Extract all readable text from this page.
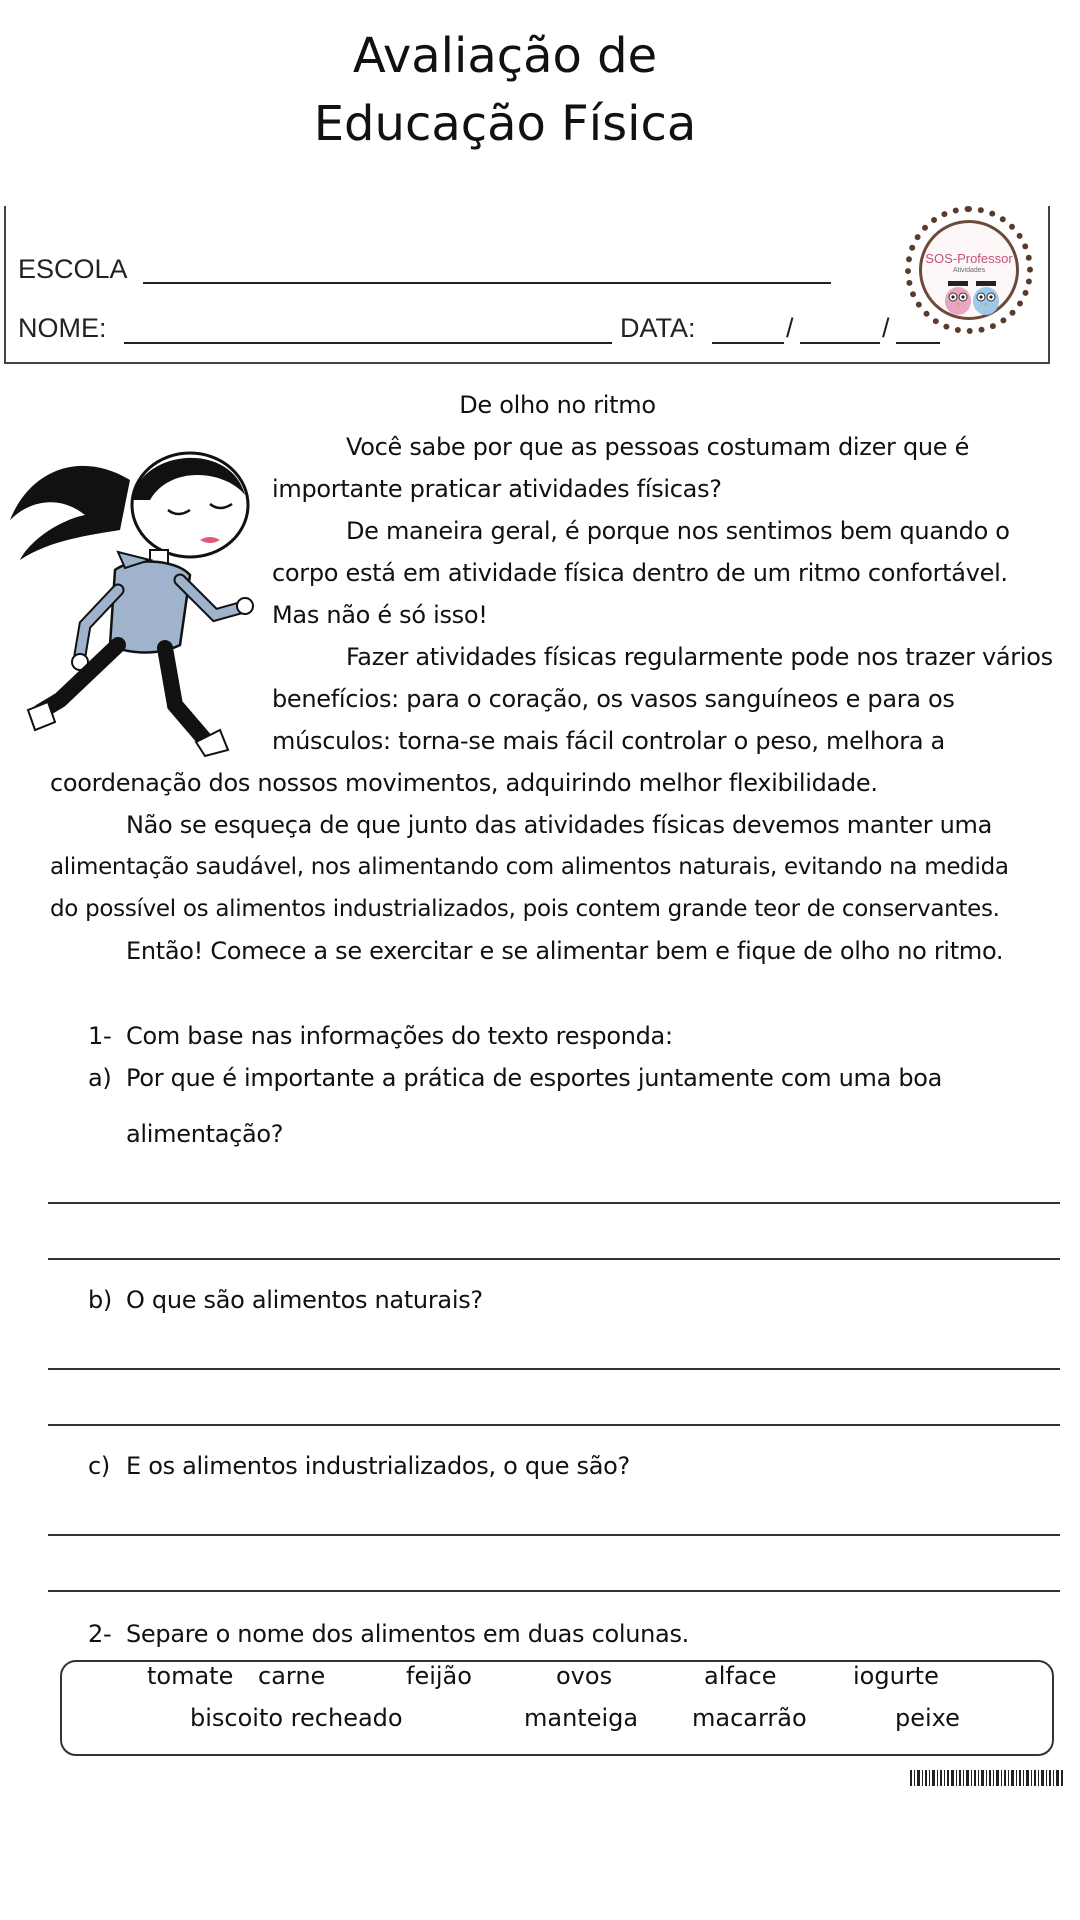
Avaliação de
Educação Física
ESCOLA
NOME:	DATA:	/	/
SOS-Professor
Atividades
De olho no ritmo
Você sabe por que as pessoas costumam dizer que é
importante praticar atividades físicas?
De maneira geral, é porque nos sentimos bem quando o
corpo está em atividade física dentro de um ritmo confortável.
Mas não é só isso!
Fazer atividades físicas regularmente pode nos trazer vários
benefícios: para o coração, os vasos sanguíneos e para os
músculos: torna-se mais fácil controlar o peso, melhora a
coordenação dos nossos movimentos, adquirindo melhor flexibilidade.
Não se esqueça de que junto das atividades físicas devemos manter uma
alimentação saudável, nos alimentando com alimentos naturais, evitando na medida
do possível os alimentos industrializados, pois contem grande teor de conservantes.
Então! Comece a se exercitar e se alimentar bem e fique de olho no ritmo.
1- Com base nas informações do texto responda:
a) Por que é importante a prática de esportes juntamente com uma boa
alimentação?
b) O que são alimentos naturais?
c) E os alimentos industrializados, o que são?
2- Separe o nome dos alimentos em duas colunas.
tomate carne	feijão	ovos	alface	iogurte
biscoito recheado	manteiga macarrão	peixe
